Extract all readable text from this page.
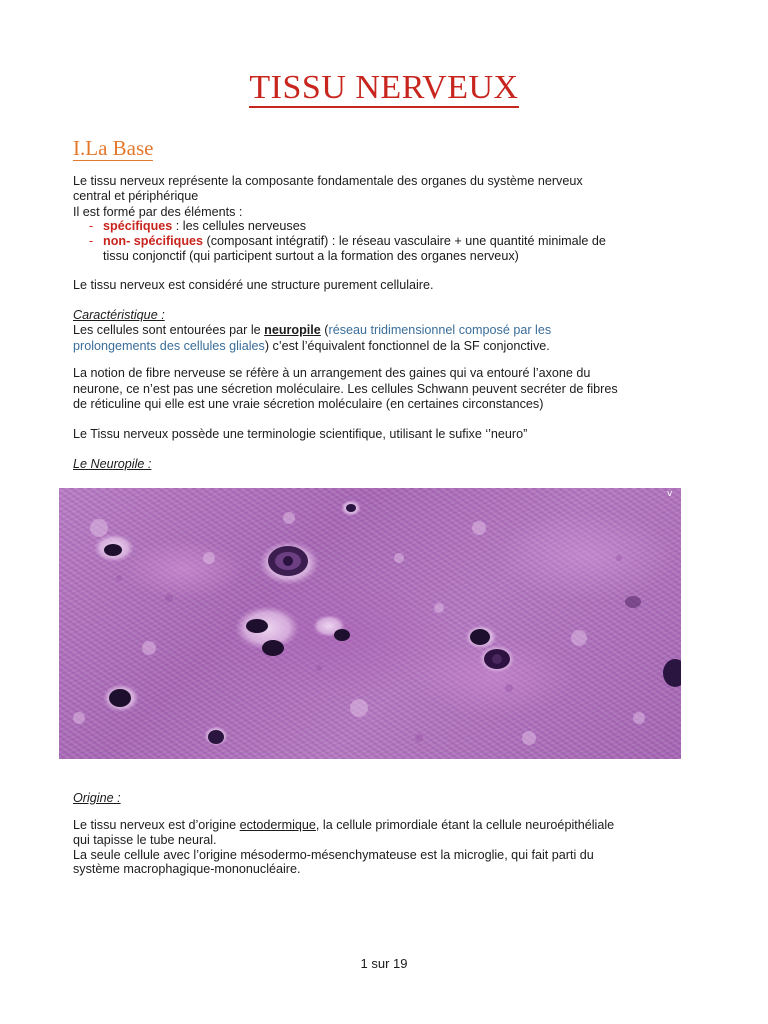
TISSU NERVEUX
I.La Base

Le tissu nerveux représente la composante fondamentale des organes du système nerveux

central et périphérique

Il est formé par des éléments :

- spécifiques : les cellules nerveuses

- non- spécifiques (composant intégratif) : le réseau vasculaire + une quantité minimale de

tissu conjonctif (qui participent surtout a la formation des organes nerveux)

Le tissu nerveux est considéré une structure purement cellulaire.

Caractéristique :

Les cellules sont entourées par le neuropile (réseau tridimensionnel composé par les

prolongements des cellules gliales) c’est l’équivalent fonctionnel de la SF conjonctive.

La notion de fibre nerveuse se réfère à un arrangement des gaines qui va entouré l’axone du

neurone, ce n’est pas une sécretion moléculaire. Les cellules Schwann peuvent secréter de fibres

de réticuline qui elle est une vraie sécretion moléculaire (en certaines circonstances)

Le Tissu nerveux possède une terminologie scientifique, utilisant le sufixe ‘’neuro”

Le Neuropile :

v

Origine :

Le tissu nerveux est d’origine ectodermique, la cellule primordiale étant la cellule neuroépithéliale

qui tapisse le tube neural.

La seule cellule avec l’origine mésodermo-mésenchymateuse est la microglie, qui fait parti du

système macrophagique-mononucléaire.

1 sur 19
